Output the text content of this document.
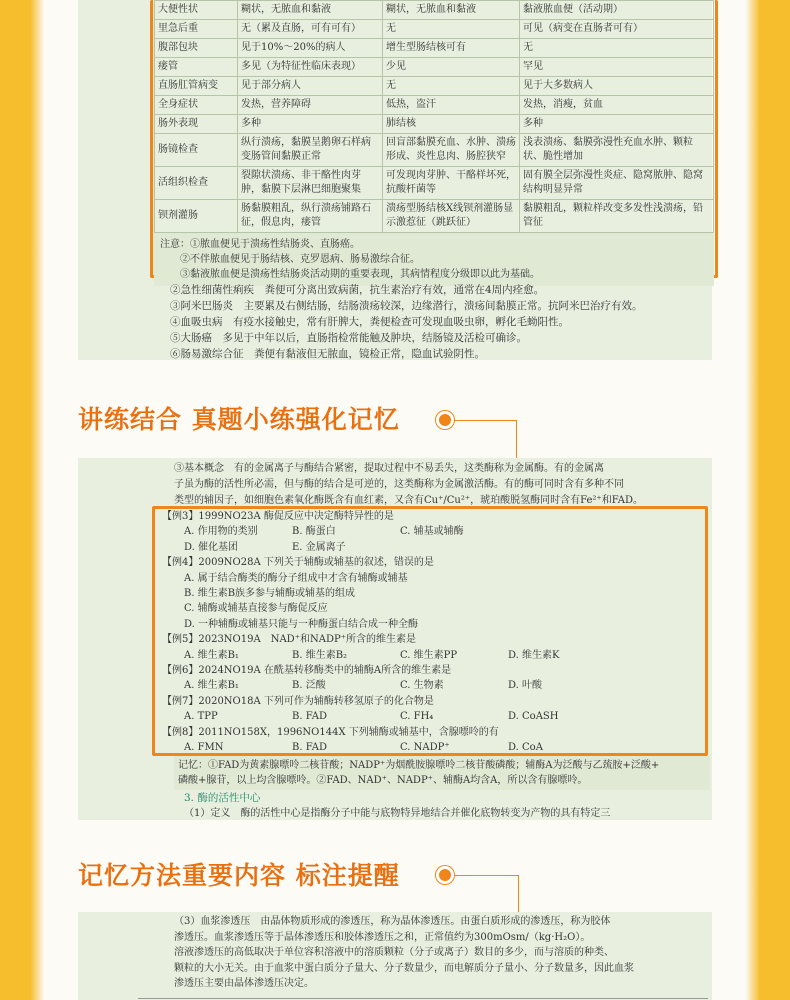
大便性状	糊状，无脓血和黏液	糊状，无脓血和黏液	黏液脓血便（活动期）
里急后重	无（累及直肠，可有可有）	无	可见（病变在直肠者可有）
腹部包块	见于10%～20%的病人	增生型肠结核可有	无
瘘管	多见（为特征性临床表现）	少见	罕见
直肠肛管病变	见于部分病人	无	见于大多数病人
全身症状	发热，营养障碍	低热，盗汗	发热，消瘦，贫血
肠外表现	多种	肺结核	多种
肠镜检查	纵行溃疡，黏膜呈鹅卵石样病变肠管间黏膜正常	回盲部黏膜充血、水肿、溃疡形成、炎性息肉、肠腔狭窄	浅表溃疡、黏膜弥漫性充血水肿、颗粒状、脆性增加
活组织检查	裂隙状溃疡、非干酪性肉芽肿，黏膜下层淋巴细胞聚集	可发现肉芽肿、干酪样坏死，抗酸杆菌等	固有膜全层弥漫性炎症、隐窝脓肿、隐窝结构明显异常
钡剂灌肠	肠黏膜粗乱，纵行溃疡铺路石征，假息肉，瘘管	溃疡型肠结核X线钡剂灌肠显示激惹征（跳跃征）	黏膜粗乱，颗粒样改变多发性浅溃疡，铅管征
注意：①脓血便见于溃疡性结肠炎、直肠癌。
②不伴脓血便见于肠结核、克罗恩病、肠易激综合征。
③黏液脓血便是溃疡性结肠炎活动期的重要表现，其病情程度分级即以此为基础。
②急性细菌性痢疾　粪便可分离出致病菌，抗生素治疗有效，通常在4周内痊愈。
③阿米巴肠炎　主要累及右侧结肠，结肠溃疡较深，边缘潜行，溃疡间黏膜正常。抗阿米巴治疗有效。
④血吸虫病　有疫水接触史，常有肝脾大，粪便检查可发现血吸虫卵，孵化毛蚴阳性。
⑤大肠癌　多见于中年以后，直肠指检常能触及肿块，结肠镜及活检可确诊。
⑥肠易激综合征　粪便有黏液但无脓血，镜检正常，隐血试验阴性。
讲练结合 真题小练强化记忆
③基本概念　有的金属离子与酶结合紧密，提取过程中不易丢失，这类酶称为金属酶。有的金属离
子虽为酶的活性所必需，但与酶的结合是可逆的，这类酶称为金属激活酶。有的酶可同时含有多种不同
类型的辅因子，如细胞色素氧化酶既含有血红素，又含有Cu⁺/Cu²⁺，琥珀酸脱氢酶同时含有Fe²⁺和FAD。
【例3】1999NO23A 酶促反应中决定酶特异性的是
A. 作用物的类别	B. 酶蛋白	C. 辅基或辅酶
D. 催化基团	E. 金属离子
【例4】2009NO28A 下列关于辅酶或辅基的叙述，错误的是
A. 属于结合酶类的酶分子组成中才含有辅酶或辅基
B. 维生素B族多参与辅酶或辅基的组成
C. 辅酶或辅基直接参与酶促反应
D. 一种辅酶或辅基只能与一种酶蛋白结合成一种全酶
【例5】2023NO19A　NAD⁺和NADP⁺所含的维生素是
A. 维生素B₁	B. 维生素B₂	C. 维生素PP	D. 维生素K
【例6】2024NO19A 在酰基转移酶类中的辅酶A所含的维生素是
A. 维生素B₁	B. 泛酸	C. 生物素	D. 叶酸
【例7】2020NO18A 下列可作为辅酶转移氢原子的化合物是
A. TPP	B. FAD	C. FH₄	D. CoASH
【例8】2011NO158X，1996NO144X 下列辅酶或辅基中，含腺嘌呤的有
A. FMN	B. FAD	C. NADP⁺	D. CoA
记忆：①FAD为黄素腺嘌呤二核苷酸；NADP⁺为烟酰胺腺嘌呤二核苷酸磷酸；辅酶A为泛酸与乙巯胺+泛酸+
磷酸+腺苷，以上均含腺嘌呤。②FAD、NAD⁺、NADP⁺、辅酶A均含A，所以含有腺嘌呤。
3. 酶的活性中心
（1）定义　酶的活性中心是指酶分子中能与底物特异地结合并催化底物转变为产物的具有特定三
记忆方法重要内容 标注提醒
（3）血浆渗透压　由晶体物质形成的渗透压，称为晶体渗透压。由蛋白质形成的渗透压，称为胶体
渗透压。血浆渗透压等于晶体渗透压和胶体渗透压之和，正常值约为300mOsm/（kg·H₂O）。
溶液渗透压的高低取决于单位容积溶液中的溶质颗粒（分子或离子）数目的多少，而与溶质的种类、
颗粒的大小无关。由于血浆中蛋白质分子量大、分子数量少，而电解质分子量小、分子数量多，因此血浆
渗透压主要由晶体渗透压决定。
